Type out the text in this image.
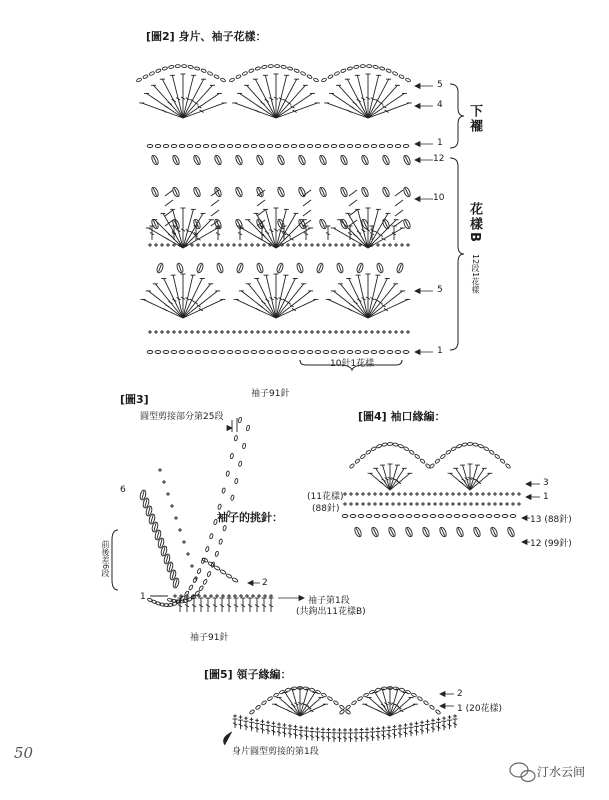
[圖2] 身片、袖子花樣：
5
4
1
12
10
5
1
下襬
花樣B
12段1花樣
10針1花樣
[圖3]	袖子91針
圓型剪接部分第25段
袖子的挑針：
前後差6段
6
2
1	袖子第1段
(共鉤出11花樣B)
袖子91針
[圖4] 袖口緣編：
(11花樣)
(88針)
3
1
13 (88針)
12 (99針)
[圖5] 領子緣編：
2
1 (20花樣)
身片圓型剪接的第1段
50
汀水云间
